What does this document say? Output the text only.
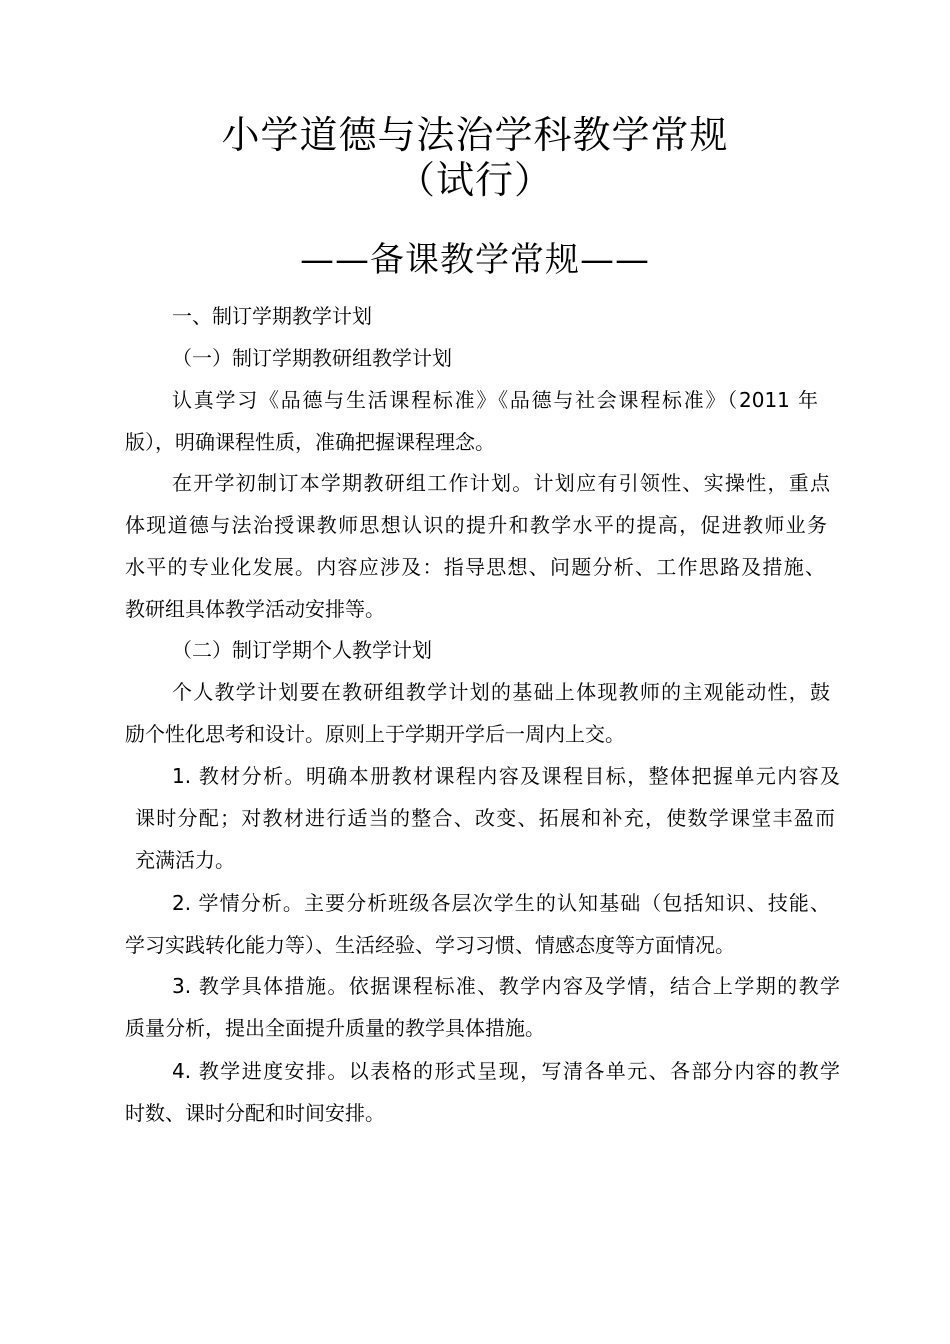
小学道德与法治学科教学常规
（试行）
——备课教学常规——
一、制订学期教学计划
（一）制订学期教研组教学计划
认真学习《品德与生活课程标准》《品德与社会课程标准》（2011 年
版），明确课程性质，准确把握课程理念。
在开学初制订本学期教研组工作计划。计划应有引领性、实操性，重点
体现道德与法治授课教师思想认识的提升和教学水平的提高，促进教师业务
水平的专业化发展。内容应涉及：指导思想、问题分析、工作思路及措施、
教研组具体教学活动安排等。
（二）制订学期个人教学计划
个人教学计划要在教研组教学计划的基础上体现教师的主观能动性，鼓
励个性化思考和设计。原则上于学期开学后一周内上交。
1. 教材分析。明确本册教材课程内容及课程目标，整体把握单元内容及
课时分配；对教材进行适当的整合、改变、拓展和补充，使数学课堂丰盈而
充满活力。
2. 学情分析。主要分析班级各层次学生的认知基础（包括知识、技能、
学习实践转化能力等）、生活经验、学习习惯、情感态度等方面情况。
3. 教学具体措施。依据课程标准、教学内容及学情，结合上学期的教学
质量分析，提出全面提升质量的教学具体措施。
4. 教学进度安排。以表格的形式呈现，写清各单元、各部分内容的教学
时数、课时分配和时间安排。
